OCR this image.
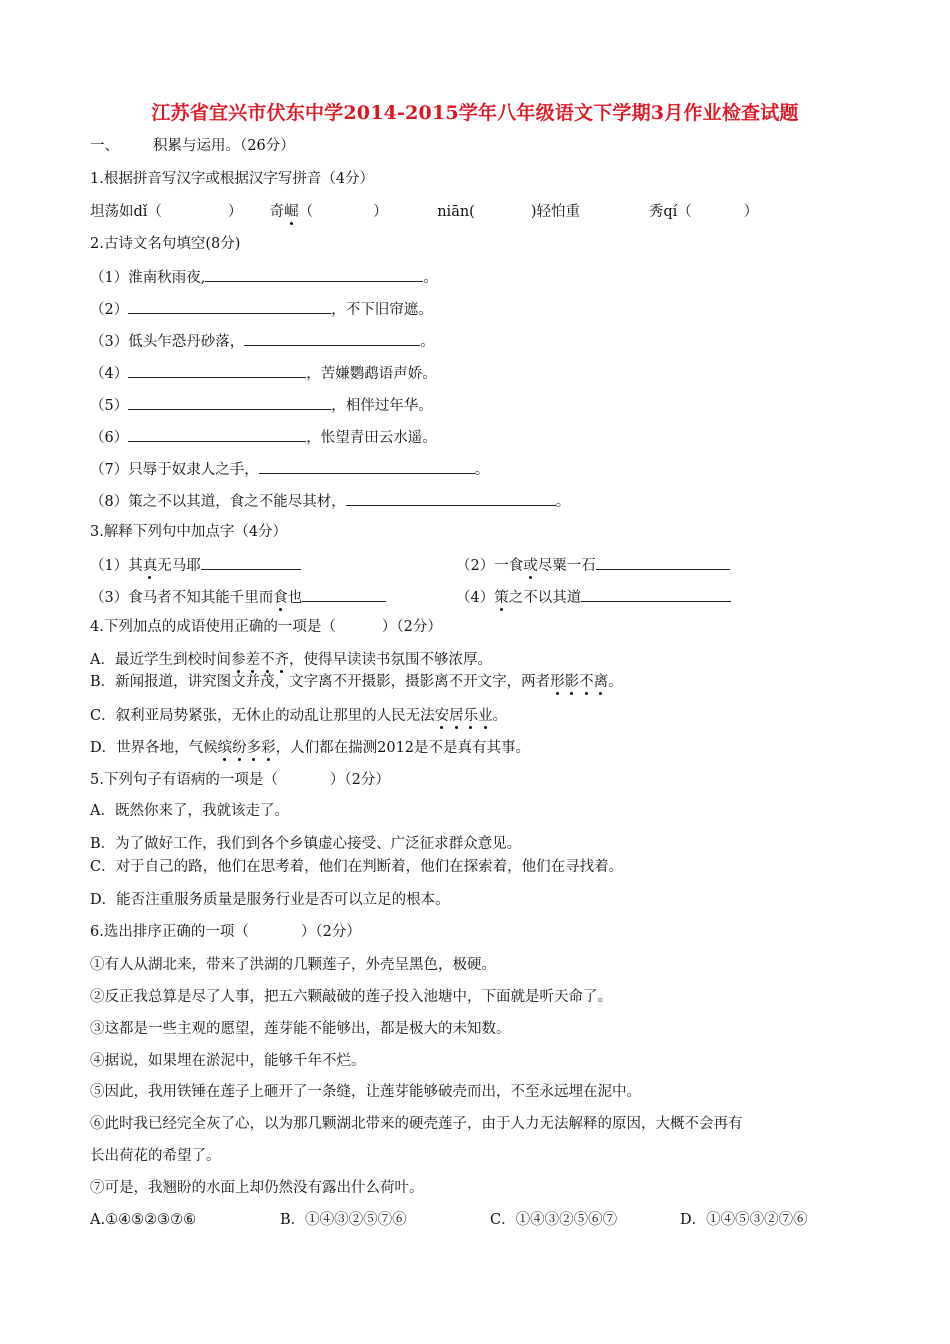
江苏省宜兴市伏东中学2014-2015学年八年级语文下学期3月作业检查试题
一、 积累与运用。（26分）
1.根据拼音写汉字或根据汉字写拼音（4分）
坦荡如dǐ（	） 奇崛（	）	niān(	)轻怕重	秀qí（	）
2.古诗文名句填空(8分)
（1）淮南秋雨夜,	。
（2）	，不下旧帘遮。
（3）低头乍恐丹砂落，	。
（4）	，苦嫌鹦鹉语声娇。
（5）	，相伴过年华。
（6）	，怅望青田云水遥。
（7）只辱于奴隶人之手，	。
（8）策之不以其道，食之不能尽其材，	。
3.解释下列句中加点字（4分）
（1）其真无马耶	（2）一食或尽粟一石
（3）食马者不知其能千里而食也	（4）策之不以其道
4.下列加点的成语使用正确的一项是（	）（2分）
A．最近学生到校时间参差不齐，使得早读读书氛围不够浓厚。
B．新闻报道，讲究图文并茂，文字离不开摄影，摄影离不开文字，两者形影不离。
C．叙利亚局势紧张，无休止的动乱让那里的人民无法安居乐业。
D．世界各地，气候缤纷多彩，人们都在揣测2012是不是真有其事。
5.下列句子有语病的一项是（	）（2分）
A．既然你来了，我就该走了。
B．为了做好工作，我们到各个乡镇虚心接受、广泛征求群众意见。
C．对于自己的路，他们在思考着，他们在判断着，他们在探索着，他们在寻找着。
D．能否注重服务质量是服务行业是否可以立足的根本。
6.选出排序正确的一项（	）（2分）
①有人从湖北来，带来了洪湖的几颗莲子，外壳呈黑色，极硬。
②反正我总算是尽了人事，把五六颗敲破的莲子投入池塘中，下面就是听天命了。
③这都是一些主观的愿望，莲芽能不能够出，都是极大的未知数。
④据说，如果埋在淤泥中，能够千年不烂。
⑤因此，我用铁锤在莲子上砸开了一条缝，让莲芽能够破壳而出，不至永远埋在泥中。
⑥此时我已经完全灰了心，以为那几颗湖北带来的硬壳莲子，由于人力无法解释的原因，大概不会再有
长出荷花的希望了。
⑦可是，我翘盼的水面上却仍然没有露出什么荷叶。
A.①④⑤②③⑦⑥	B．①④③②⑤⑦⑥	C．①④③②⑤⑥⑦	D．①④⑤③②⑦⑥
